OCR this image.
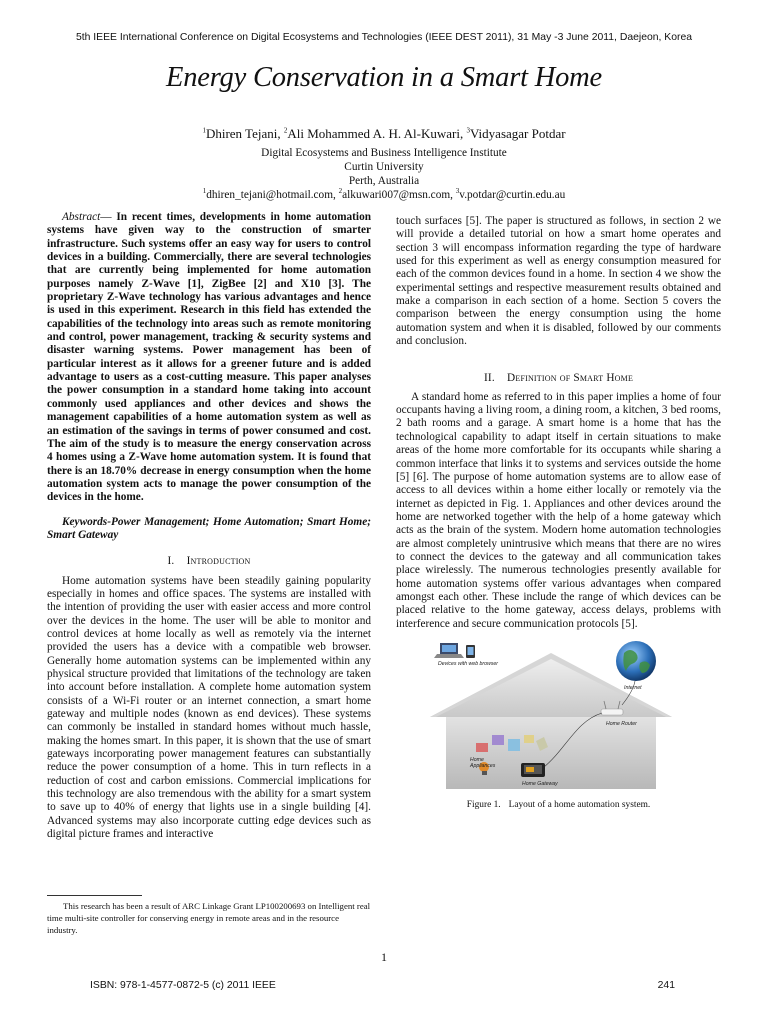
5th IEEE International Conference on Digital Ecosystems and Technologies (IEEE DEST 2011), 31 May -3 June 2011, Daejeon, Korea
Energy Conservation in a Smart Home
$^1$Dhiren Tejani, $^2$Ali Mohammed A. H. Al-Kuwari, $^3$Vidyasagar Potdar
Digital Ecosystems and Business Intelligence Institute
Curtin University
Perth, Australia
$^1$dhiren_tejani@hotmail.com, $^2$alkuwari007@msn.com, $^3$v.potdar@curtin.edu.au

Abstract— In recent times, developments in home automation systems have given way to the construction of smarter infrastructure. Such systems offer an easy way for users to control devices in a building. Commercially, there are several technologies that are currently being implemented for home automation purposes namely Z-Wave [1], ZigBee [2] and X10 [3]. The proprietary Z-Wave technology has various advantages and hence is used in this experiment. Research in this field has extended the capabilities of the technology into areas such as remote monitoring and control, power management, tracking & security systems and disaster warning systems. Power management has been of particular interest as it allows for a greener future and is added advantage to users as a cost-cutting measure. This paper analyses the power consumption in a standard home taking into account commonly used appliances and other devices and shows the management capabilities of a home automation system as well as an estimation of the savings in terms of power consumed and cost. The aim of the study is to measure the energy conservation across 4 homes using a Z-Wave home automation system. It is found that there is an 18.70% decrease in energy consumption when the home automation system acts to manage the power consumption of the devices in the home.

Keywords-Power Management; Home Automation; Smart Home; Smart Gateway

I. Introduction

Home automation systems have been steadily gaining popularity especially in homes and office spaces. The systems are installed with the intention of providing the user with easier access and more control over the devices in the home. The user will be able to monitor and control devices at home locally as well as remotely via the internet provided the users has a device with a compatible web browser. Generally home automation systems can be implemented within any physical structure provided that limitations of the technology are taken into account before installation. A complete home automation system consists of a Wi-Fi router or an internet connection, a smart home gateway and multiple nodes (known as end devices). These systems can commonly be installed in standard homes without much hassle, making the homes smart. In this paper, it is shown that the use of smart gateways incorporating power management features can substantially reduce the power consumption of a home. This in turn reflects in a reduction of cost and carbon emissions. Commercial implications for this technology are also tremendous with the ability for a smart system to save up to 40% of energy that lights use in a single building [4]. Advanced systems may also incorporate cutting edge devices such as digital picture frames and interactive

touch surfaces [5]. The paper is structured as follows, in section 2 we will provide a detailed tutorial on how a smart home operates and section 3 will encompass information regarding the type of hardware used for this experiment as well as energy consumption measured for each of the common devices found in a home. In section 4 we show the experimental settings and respective measurement results obtained and make a comparison in each section of a home. Section 5 covers the comparison between the energy consumption using the home automation system and when it is disabled, followed by our comments and conclusion.

II. Definition of Smart Home

A standard home as referred to in this paper implies a home of four occupants having a living room, a dining room, a kitchen, 3 bed rooms, 2 bath rooms and a garage. A smart home is a home that has the technological capability to adapt itself in certain situations to make areas of the home more comfortable for its occupants while sharing a common interface that links it to systems and services outside the home [5] [6]. The purpose of home automation systems are to allow ease of access to all devices within a home either locally or remotely via the internet as depicted in Fig. 1. Appliances and other devices around the home are networked together with the help of a home gateway which acts as the brain of the system. Modern home automation technologies are almost completely unintrusive which means that there are no wires to connect the devices to the gateway and all communication takes place wirelessly. The numerous technologies presently available for home automation systems offer various advantages when compared amongst each other. These include the range of which devices can be placed relative to the home gateway, access delays, problems with interference and secure communication protocols [5].

Devices with web browser
Internet
Home Router
Home
Appliances
Home Gateway
Figure 1. Layout of a home automation system.
This research has been a result of ARC Linkage Grant LP100200693 on Intelligent real time multi-site controller for conserving energy in remote areas and in the resource industry.
1
ISBN: 978-1-4577-0872-5 (c) 2011 IEEE	241
